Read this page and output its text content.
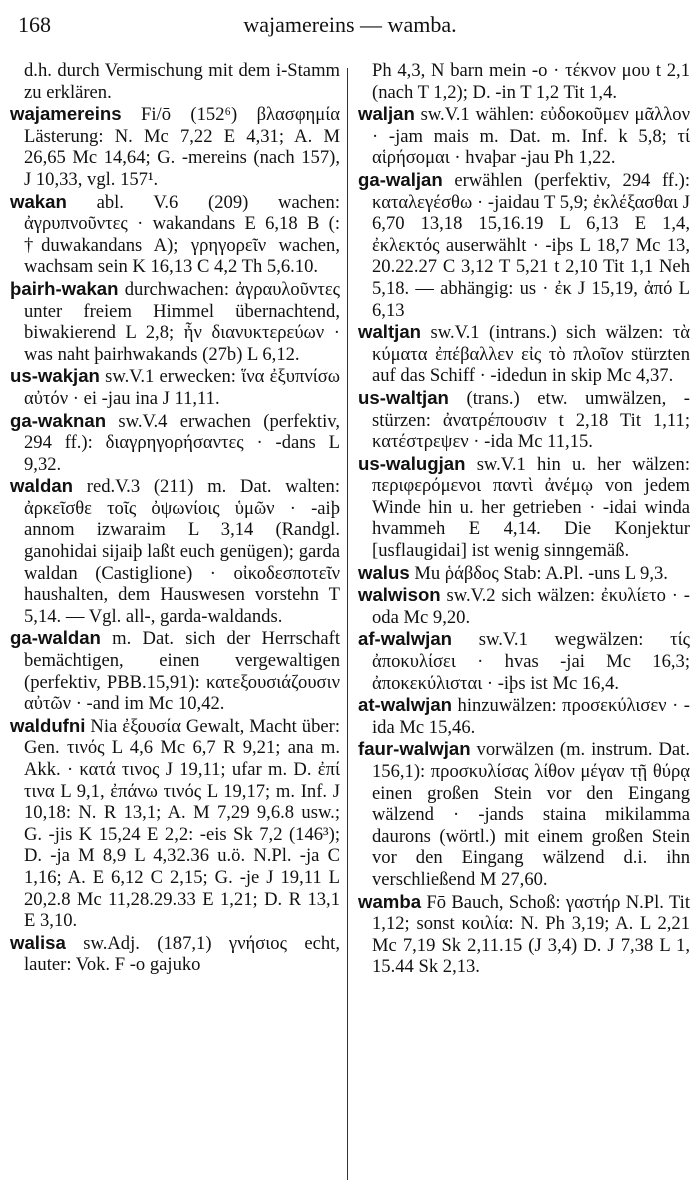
168	wajamereins — wamba.

d.h. durch Vermischung mit dem i-Stamm zu erklären.

wajamereins Fi/ō (152⁶) βλασφημία Lästerung: N. Mc 7,22 E 4,31; A. M 26,65 Mc 14,64; G. -mereins (nach 157), J 10,33, vgl. 157¹.

wakan abl. V.6 (209) wachen: ἀγρυπνοῦντες · wakandans E 6,18 B (: †duwakandans A); γρηγορεῖν wachen, wachsam sein K 16,13 C 4,2 Th 5,6.10.

þairh-wakan durchwachen: ἀγραυλοῦντες unter freiem Himmel übernachtend, biwakierend L 2,8; ἦν διανυκτερεύων · was naht þairhwakands (27b) L 6,12.

us-wakjan sw.V.1 erwecken: ἵνα ἐξυπνίσω αὐτόν · ei -jau ina J 11,11.

ga-waknan sw.V.4 erwachen (perfektiv, 294 ff.): διαγρηγορήσαντες · -dans L 9,32.

waldan red.V.3 (211) m. Dat. walten: ἀρκεῖσθε τοῖς ὀψωνίοις ὑμῶν · -aiþ annom izwaraim L 3,14 (Randgl. ganohidai sijaiþ laßt euch genügen); garda waldan (Castiglione) · οἰκοδεσποτεῖν haushalten, dem Hauswesen vorstehn T 5,14. — Vgl. all-, garda-waldands.

ga-waldan m. Dat. sich der Herrschaft bemächtigen, einen vergewaltigen (perfektiv, PBB.15,91): κατεξουσιάζουσιν αὐτῶν · -and im Mc 10,42.

waldufni Nia ἐξουσία Gewalt, Macht über: Gen. τινός L 4,6 Mc 6,7 R 9,21; ana m. Akk. · κατά τινος J 19,11; ufar m. D. ἐπί τινα L 9,1, ἐπάνω τινός L 19,17; m. Inf. J 10,18: N. R 13,1; A. M 7,29 9,6.8 usw.; G. -jis K 15,24 E 2,2: -eis Sk 7,2 (146³); D. -ja M 8,9 L 4,32.36 u.ö. N.Pl. -ja C 1,16; A. E 6,12 C 2,15; G. -je J 19,11 L 20,2.8 Mc 11,28.29.33 E 1,21; D. R 13,1 E 3,10.

walisa sw.Adj. (187,1) γνήσιος echt, lauter: Vok. F -o gajuko

Ph 4,3, N barn mein -o · τέκνον μου t 2,1 (nach T 1,2); D. -in T 1,2 Tit 1,4.

waljan sw.V.1 wählen: εὐδοκοῦμεν μᾶλλον · -jam mais m. Dat. m. Inf. k 5,8; τί αἱρήσομαι · hvaþar -jau Ph 1,22.

ga-waljan erwählen (perfektiv, 294 ff.): καταλεγέσθω · -jaidau T 5,9; ἐκλέξασθαι J 6,70 13,18 15,16.19 L 6,13 E 1,4, ἐκλεκτός auserwählt · -iþs L 18,7 Mc 13, 20.22.27 C 3,12 T 5,21 t 2,10 Tit 1,1 Neh 5,18. — abhängig: us · ἐκ J 15,19, ἀπό L 6,13

waltjan sw.V.1 (intrans.) sich wälzen: τὰ κύματα ἐπέβαλλεν εἰς τὸ πλοῖον stürzten auf das Schiff · -idedun in skip Mc 4,37.

us-waltjan (trans.) etw. umwälzen, -stürzen: ἀνατρέπουσιν t 2,18 Tit 1,11; κατέστρεψεν · -ida Mc 11,15.

us-walugjan sw.V.1 hin u. her wälzen: περιφερόμενοι παντὶ ἀνέμῳ von jedem Winde hin u. her getrieben · -idai winda hvammeh E 4,14. Die Konjektur [usflaugidai] ist wenig sinngemäß.

walus Mu ῥάβδος Stab: A.Pl. -uns L 9,3.

walwison sw.V.2 sich wälzen: ἐκυλίετο · -oda Mc 9,20.

af-walwjan sw.V.1 wegwälzen: τίς ἀποκυλίσει · hvas -jai Mc 16,3; ἀποκεκύλισται · -iþs ist Mc 16,4.

at-walwjan hinzuwälzen: προσεκύλισεν · -ida Mc 15,46.

faur-walwjan vorwälzen (m. instrum. Dat. 156,1): προσκυλίσας λίθον μέγαν τῇ θύρᾳ einen großen Stein vor den Eingang wälzend · -jands staina mikilamma daurons (wörtl.) mit einem großen Stein vor den Eingang wälzend d.i. ihn verschließend M 27,60.

wamba Fō Bauch, Schoß: γαστήρ N.Pl. Tit 1,12; sonst κοιλία: N. Ph 3,19; A. L 2,21 Mc 7,19 Sk 2,11.15 (J 3,4) D. J 7,38 L 1, 15.44 Sk 2,13.
